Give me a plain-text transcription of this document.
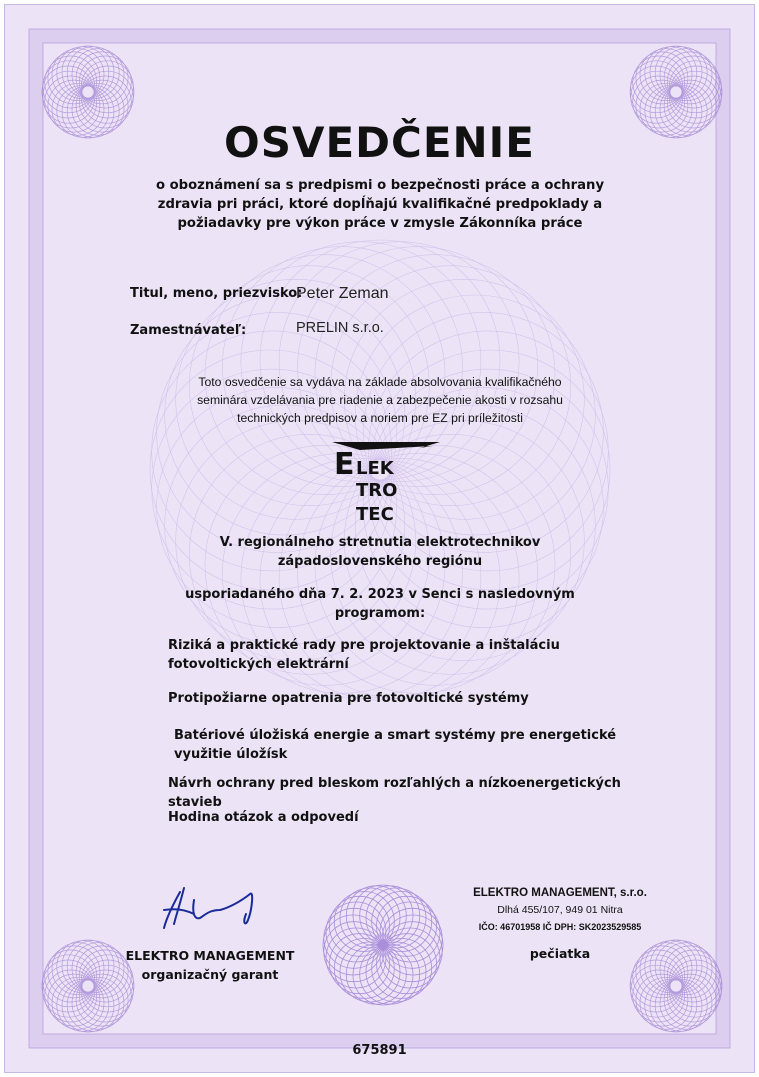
OSVEDČENIE
o oboznámení sa s predpismi o bezpečnosti práce a ochrany zdravia pri práci, ktoré dopĺňajú kvalifikačné predpoklady a požiadavky pre výkon práce v zmysle Zákonníka práce
Titul, meno, priezvisko:
Peter Zeman
Zamestnávateľ:	PRELIN s.r.o.
Toto osvedčenie sa vydáva na základe absolvovania kvalifikačného seminára vzdelávania pre riadenie a zabezpečenie akosti v rozsahu technických predpisov a noriem pre EZ pri príležitosti
E LEK
TRO
TEC
V. regionálneho stretnutia elektrotechnikov západoslovenského regiónu
usporiadaného dňa 7. 2. 2023 v Senci s nasledovným programom:
Riziká a praktické rady pre projektovanie a inštaláciu fotovoltických elektrární
Protipožiarne opatrenia pre fotovoltické systémy
Batériové úložiská energie a smart systémy pre energetické využitie úložísk
Návrh ochrany pred bleskom rozľahlých a nízkoenergetických stavieb
Hodina otázok a odpovedí
ELEKTRO MANAGEMENT
organizačný garant
ELEKTRO MANAGEMENT, s.r.o.
Dlhá 455/107, 949 01 Nitra
IČO: 46701958 IČ DPH: SK2023529585
pečiatka
675891
